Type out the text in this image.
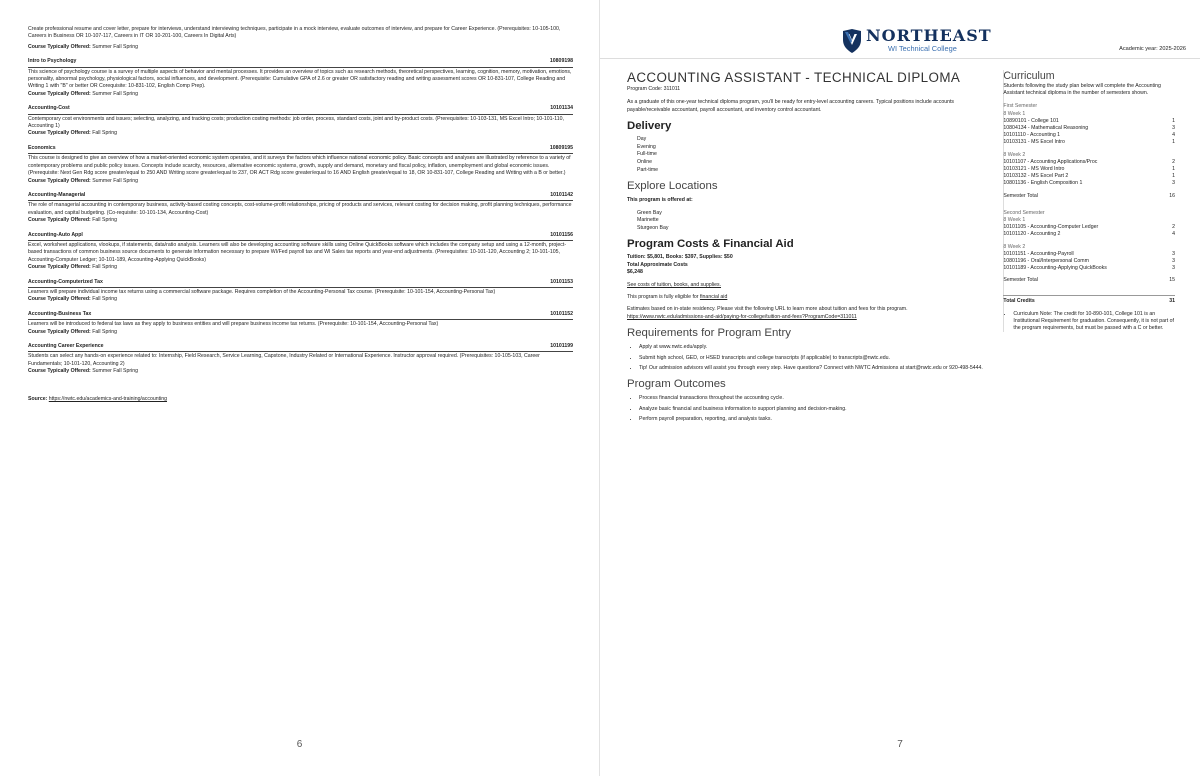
Create professional resume and cover letter, prepare for interviews, understand interviewing techniques, participate in a mock interview, evaluate outcomes of interview, and prepare for Career Experience. (Prerequisites: 10-105-100, Careers in Business OR 10-107-117, Careers in IT OR 10-201-100, Careers In Digital Arts)
Course Typically Offered: Summer Fall Spring
Intro to Psychology	10809198
This science of psychology course is a survey of multiple aspects of behavior and mental processes. It provides an overview of topics such as research methods, theoretical perspectives, learning, cognition, memory, motivation, emotions, personality, abnormal psychology, physiological factors, social influences, and development. (Prerequisite: Cumulative GPA of 2.6 or greater OR satisfactory reading and writing assessment scores OR 10-831-107, College Reading and Writing 1 with "B" or better OR Corequisite: 10-831-102, English Comp Prep).
Course Typically Offered: Summer Fall Spring
Accounting-Cost	10101134
Contemporary cost environments and issues; selecting, analyzing, and tracking costs; production costing methods: job order, process, standard costs, joint and by-product costs. (Prerequisites: 10-103-131, MS Excel Intro; 10-101-110, Accounting 1)
Course Typically Offered: Fall Spring
Economics	10809195
This course is designed to give an overview of how a market-oriented economic system operates, and it surveys the factors which influence national economic policy. Basic concepts and analyses are illustrated by reference to a variety of contemporary problems and public policy issues. Concepts include scarcity, resources, alternative economic systems, growth, supply and demand, monetary and fiscal policy, inflation, unemployment and global economic issues. (Prerequisite: Next Gen Rdg score greater/equal to 250 AND Writing score greater/equal to 237, OR ACT Rdg score greater/equal to 16 AND English greater/equal to 18, OR 10-831-107, College Reading and Writing with a B or better.)
Course Typically Offered: Summer Fall Spring
Accounting-Managerial	10101142
The role of managerial accounting in contemporary business, activity-based costing concepts, cost-volume-profit relationships, pricing of products and services, relevant costing for decision making, profit planning techniques, performance evaluation, and capital budgeting. (Co-requisite: 10-101-134, Accounting-Cost)
Course Typically Offered: Fall Spring
Accounting-Auto Appl	10101156
Excel, worksheet applications, vlookups, if statements, data/ratio analysis. Learners will also be developing accounting software skills using Online QuickBooks software which includes the company setup and using a 12-month, project-based transactions of common business source documents to generate information necessary to prepare WI/Fed payroll tax and WI Sales tax reports and year-end adjustments. (Prerequisites: 10-101-120, Accounting 2; 10-101-105, Accounting-Computer Ledger; 10-101-189, Accounting-Applying QuickBooks)
Course Typically Offered: Fall Spring
Accounting-Computerized Tax	10101153
Learners will prepare individual income tax returns using a commercial software package. Requires completion of the Accounting-Personal Tax course. (Prerequisite: 10-101-154, Accounting-Personal Tax)
Course Typically Offered: Fall Spring
Accounting-Business Tax	10101152
Learners will be introduced to federal tax laws as they apply to business entities and will prepare business income tax returns. (Prerequisite: 10-101-154, Accounting-Personal Tax)
Course Typically Offered: Fall Spring
Accounting Career Experience	10101199
Students can select any hands-on experience related to: Internship, Field Research, Service Learning, Capstone, Industry Related or International Experience. Instructor approval required. (Prerequisites: 10-105-103, Career Fundamentals; 10-101-120, Accounting 2)
Course Typically Offered: Summer Fall Spring
Source: https://nwtc.edu/academics-and-training/accounting
6
NORTHEAST
WI Technical College	Academic year: 2025-2026
ACCOUNTING ASSISTANT - TECHNICAL DIPLOMA
Program Code: 311011

As a graduate of this one-year technical diploma program, you'll be ready for entry-level accounting careers. Typical positions include accounts payable/receivable accountant, payroll accountant, and inventory control accountant.

Delivery
Day
Evening
Full-time
Online
Part-time
Explore Locations

This program is offered at:

Green Bay
Marinette
Sturgeon Bay
Program Costs & Financial Aid
Tuition: $5,801, Books: $397, Supplies: $50
Total Approximate Costs

$6,248

See costs of tuition, books, and supplies.

This program is fully eligible for financial aid

Estimates based on in-state residency. Please visit the following URL to learn more about tuition and fees for this program.
https://www.nwtc.edu/admissions-and-aid/paying-for-college/tuition-and-fees?ProgramCode=311011

Requirements for Program Entry
• Apply at www.nwtc.edu/apply.
• Submit high school, GED, or HSED transcripts and college transcripts (if applicable) to transcripts@nwtc.edu.
• Tip! Our admission advisors will assist you through every step. Have questions? Connect with NWTC Admissions at start@nwtc.edu or 920-498-5444.
Program Outcomes
• Process financial transactions throughout the accounting cycle.
• Analyze basic financial and business information to support planning and decision-making.
• Perform payroll preparation, reporting, and analysis tasks.
Curriculum
Students following the study plan below will complete the Accounting Assistant technical diploma in the number of semesters shown.
First Semester
8 Week 1
10890101 - College 101	1
10804134 - Mathematical Reasoning	3
10101110 - Accounting 1	4
10103131 - MS Excel Intro	1
8 Week 2
10101107 - Accounting Applications/Proc	2
10103121 - MS Word Intro	1
10103132 - MS Excel Part 2	1
10801136 - English Composition 1	3
Semester Total	16
Second Semester
8 Week 1
10101105 - Accounting-Computer Ledger	2
10101120 - Accounting 2	4
8 Week 2
10101151 - Accounting-Payroll	3
10801196 - Oral/Interpersonal Comm	3
10101189 - Accounting-Applying QuickBooks	3
Semester Total	15
Total Credits	31
• Curriculum Note: The credit for 10-890-101, College 101 is an Institutional Requirement for graduation. Consequently, it is not part of the program requirements, but must be passed with a C or better.
7
